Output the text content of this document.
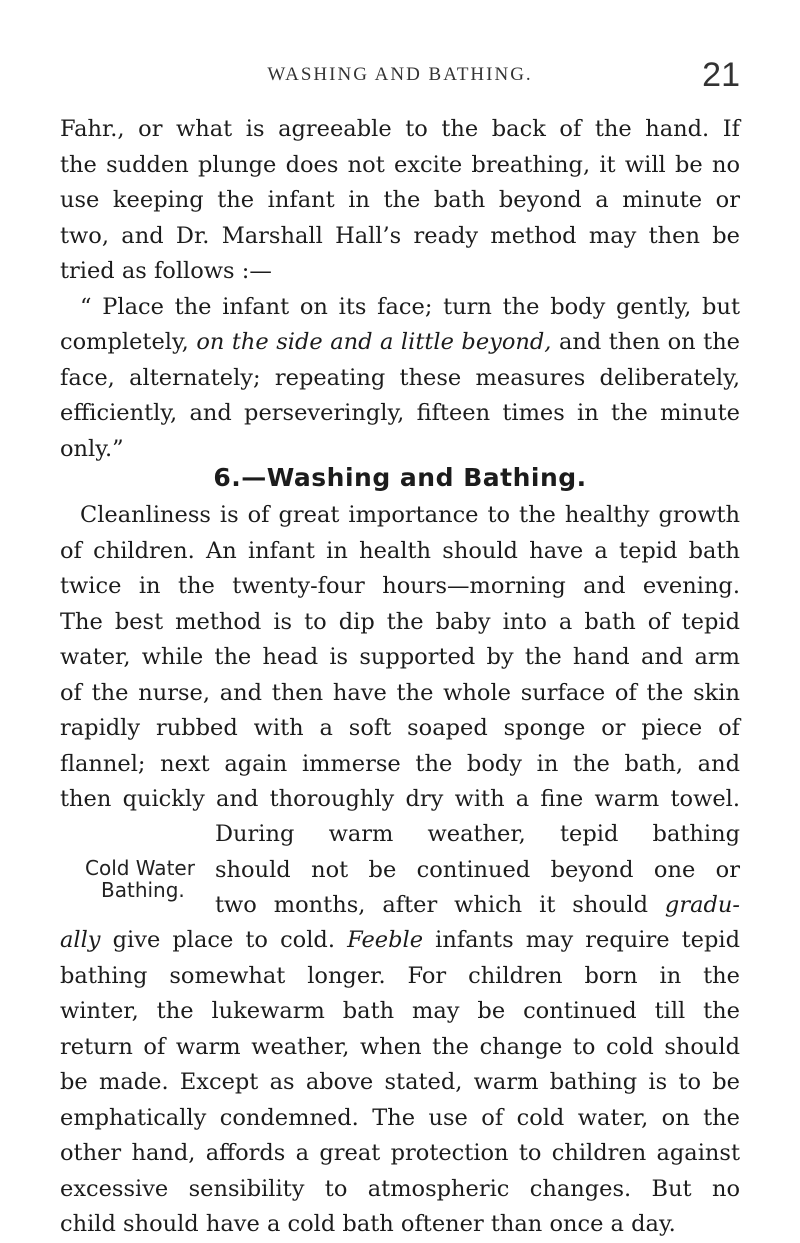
WASHING AND BATHING.	21
Fahr., or what is agreeable to the back of the hand. If
the sudden plunge does not excite breathing, it will be no
use keeping the infant in the bath beyond a minute or
two, and Dr. Marshall Hall’s ready method may then be
tried as follows :—
“ Place the infant on its face; turn the body gently, but
completely, on the side and a little beyond, and then on the
face, alternately; repeating these measures deliberately,
efficiently, and perseveringly, fifteen times in the minute
only.”
6.—Washing and Bathing.
Cleanliness is of great importance to the healthy growth
of children. An infant in health should have a tepid bath
twice in the twenty-four hours—morning and evening.
The best method is to dip the baby into a bath of tepid
water, while the head is supported by the hand and arm
of the nurse, and then have the whole surface of the skin
rapidly rubbed with a soft soaped sponge or piece of
flannel; next again immerse the body in the bath, and
then quickly and thoroughly dry with a fine warm towel.
Cold Water
Bathing.
During warm weather, tepid bathing
should not be continued beyond one or
two months, after which it should gradu-
ally give place to cold. Feeble infants may require tepid
bathing somewhat longer. For children born in the
winter, the lukewarm bath may be continued till the
return of warm weather, when the change to cold should
be made. Except as above stated, warm bathing is to be
emphatically condemned. The use of cold water, on the
other hand, affords a great protection to children against
excessive sensibility to atmospheric changes. But no
child should have a cold bath oftener than once a day.
